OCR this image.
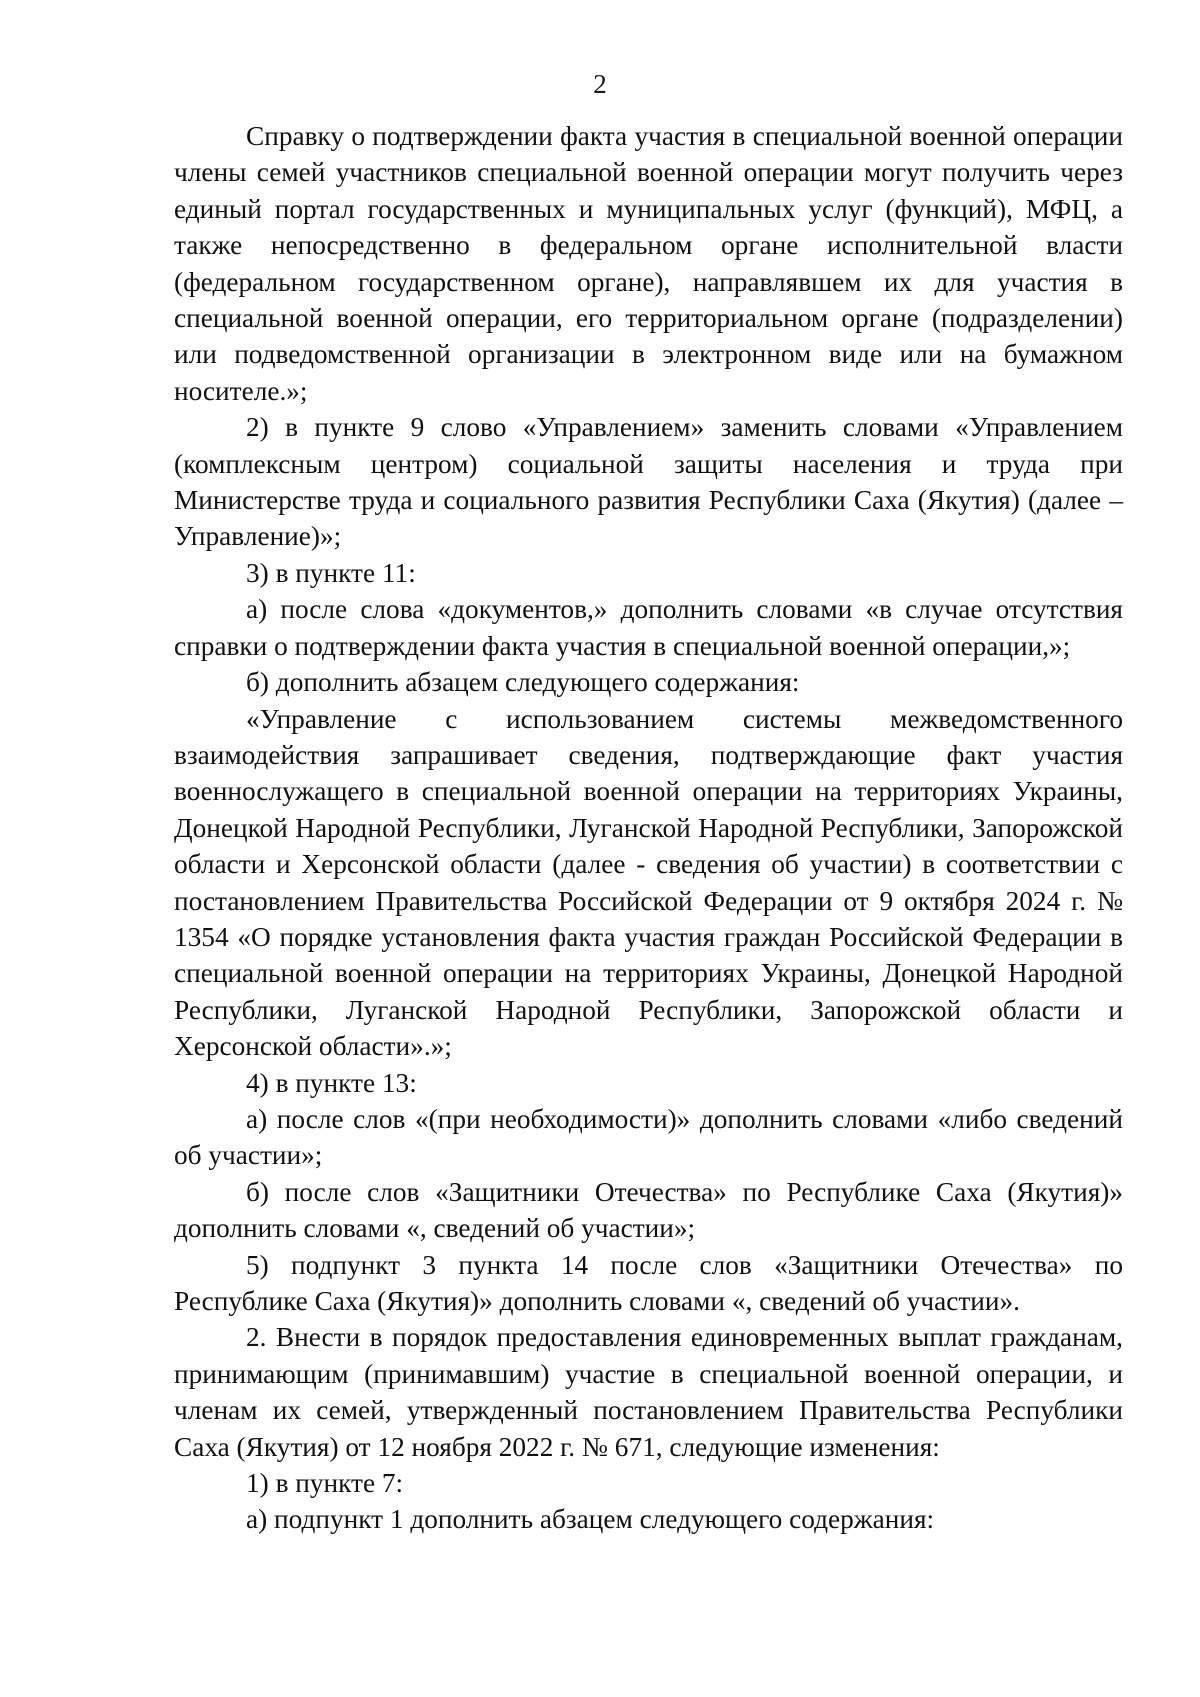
2

Справку о подтверждении факта участия в специальной военной операции члены семей участников специальной военной операции могут получить через единый портал государственных и муниципальных услуг (функций), МФЦ, а также непосредственно в федеральном органе исполнительной власти (федеральном государственном органе), направлявшем их для участия в специальной военной операции, его территориальном органе (подразделении) или подведомственной организации в электронном виде или на бумажном носителе.»;

2) в пункте 9 слово «Управлением» заменить словами «Управлением (комплексным центром) социальной защиты населения и труда при Министерстве труда и социального развития Республики Саха (Якутия) (далее – Управление)»;

3) в пункте 11:

а) после слова «документов,» дополнить словами «в случае отсутствия справки о подтверждении факта участия в специальной военной операции,»;

б) дополнить абзацем следующего содержания:

«Управление с использованием системы межведомственного взаимодействия запрашивает сведения, подтверждающие факт участия военнослужащего в специальной военной операции на территориях Украины, Донецкой Народной Республики, Луганской Народной Республики, Запорожской области и Херсонской области (далее - сведения об участии) в соответствии с постановлением Правительства Российской Федерации от 9 октября 2024 г. № 1354 «О порядке установления факта участия граждан Российской Федерации в специальной военной операции на территориях Украины, Донецкой Народной Республики, Луганской Народной Республики, Запорожской области и Херсонской области».»;

4) в пункте 13:

а) после слов «(при необходимости)» дополнить словами «либо сведений об участии»;

б) после слов «Защитники Отечества» по Республике Саха (Якутия)» дополнить словами «, сведений об участии»;

5) подпункт 3 пункта 14 после слов «Защитники Отечества» по Республике Саха (Якутия)» дополнить словами «, сведений об участии».

2. Внести в порядок предоставления единовременных выплат гражданам, принимающим (принимавшим) участие в специальной военной операции, и членам их семей, утвержденный постановлением Правительства Республики Саха (Якутия) от 12 ноября 2022 г. № 671, следующие изменения:

1) в пункте 7:

а) подпункт 1 дополнить абзацем следующего содержания:
